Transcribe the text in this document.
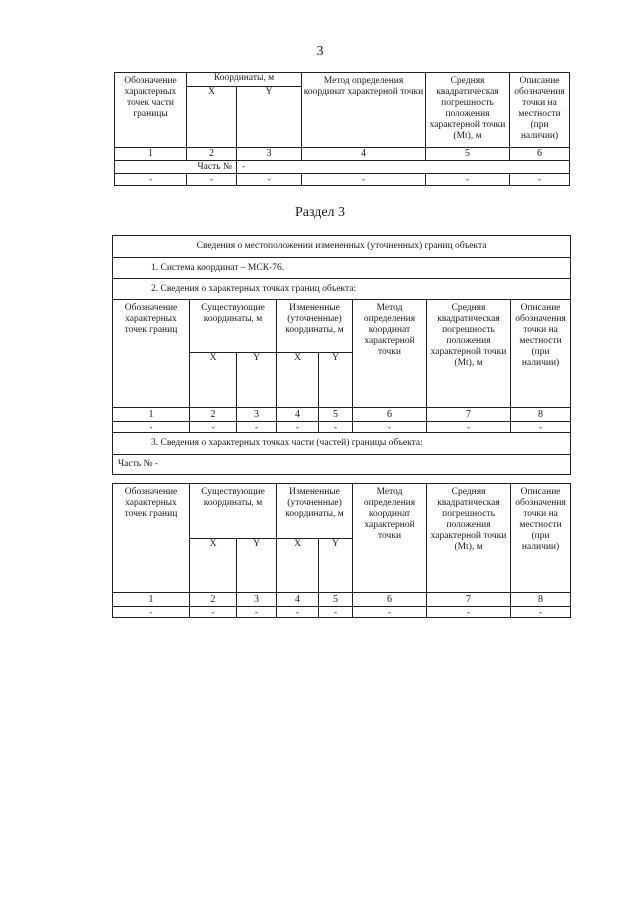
3
Обозначение характерных точек части границы	Координаты, м		Метод определения координат характерной точки	Средняя квадратическая погрешность положения характерной точки (Mt), м	Описание обозначения точки на местности (при наличии)
	X	Y			
1	2	3	4	5	6
Часть №		-			
-	-	-	-	-	-
Раздел 3
Сведения о местоположении измененных (уточненных) границ объекта							
1. Система координат – МСК-76.							
2. Сведения о характерных точках границ объекта:							
Обозначение характерных точек границ	Существующие координаты, м		Измененные (уточненные) координаты, м		Метод определения координат характерной точки	Средняя квадратическая погрешность положения характерной точки (Mt), м	Описание обозначения точки на местности (при наличии)
	X	Y	X	Y			
1	2	3	4	5	6	7	8
-	-	-	-	-	-	-	-
3. Сведения о характерных точках части (частей) границы объекта:							
Часть № -							
Обозначение характерных точек границ	Существующие координаты, м		Измененные (уточненные) координаты, м		Метод определения координат характерной точки	Средняя квадратическая погрешность положения характерной точки (Mt), м	Описание обозначения точки на местности (при наличии)
	X	Y	X	Y			
1	2	3	4	5	6	7	8
-	-	-	-	-	-	-	-
